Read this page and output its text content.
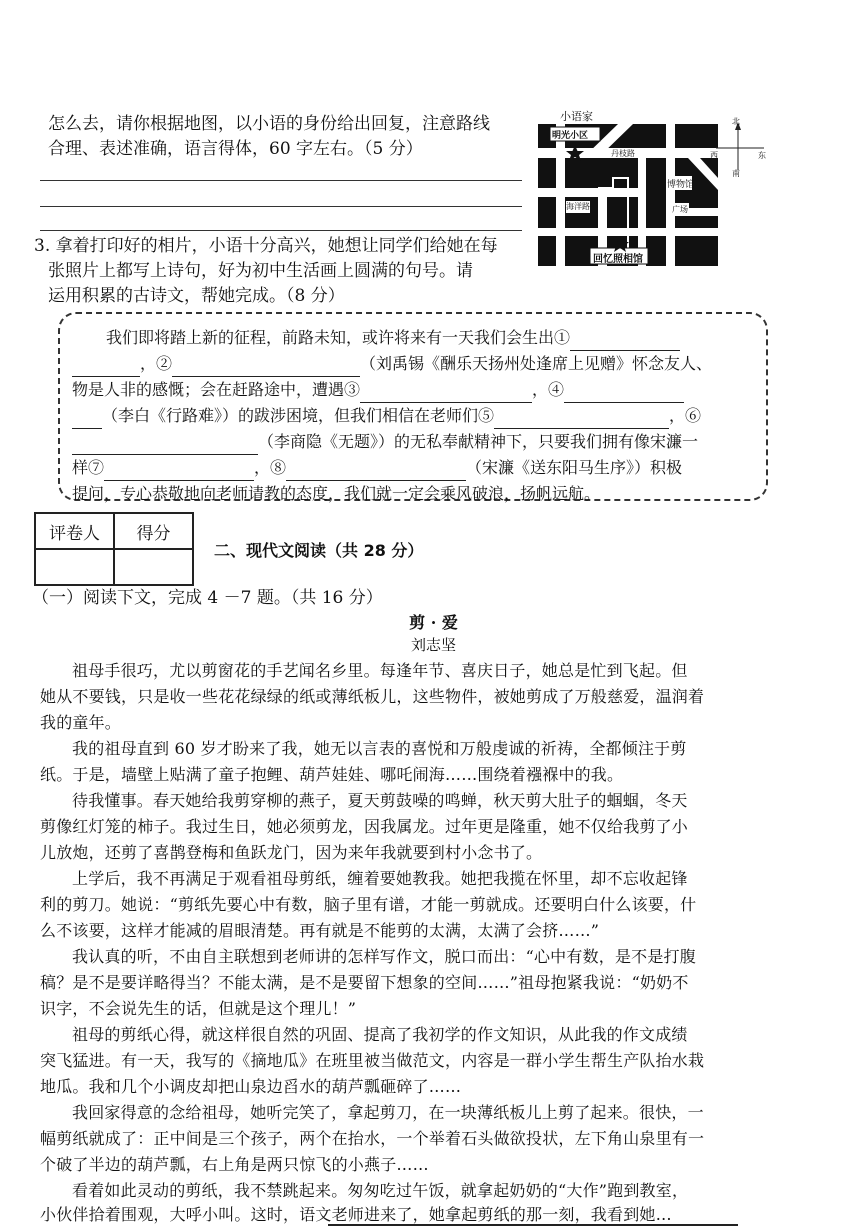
怎么去，请你根据地图，以小语的身份给出回复，注意路线
合理、表述准确，语言得体，60 字左右。（5 分）
小语家
明光小区
丹枝路
海洋路
博物馆
广场
回忆照相馆
北
南
西	东
3. 拿着打印好的相片，小语十分高兴，她想让同学们给她在每
张照片上都写上诗句，好为初中生活画上圆满的句号。请
运用积累的古诗文，帮她完成。（8 分）
我们即将踏上新的征程，前路未知，或许将来有一天我们会生出①
，②	（刘禹锡《酬乐天扬州处逢席上见赠》怀念友人、
物是人非的感慨；会在赶路途中，遭遇③	，④
（李白《行路难》）的跋涉困境，但我们相信在老师们⑤	，⑥
（李商隐《无题》）的无私奉献精神下，只要我们拥有像宋濂一
样⑦	，⑧	（宋濂《送东阳马生序》）积极
提问，专心恭敬地向老师请教的态度，我们就一定会乘风破浪，扬帆远航。
评卷人	得分

二、现代文阅读（共 28 分）
（一）阅读下文，完成 4 －7 题。（共 16 分）
剪 · 爱
刘志坚
祖母手很巧，尤以剪窗花的手艺闻名乡里。每逢年节、喜庆日子，她总是忙到飞起。但
她从不要钱，只是收一些花花绿绿的纸或薄纸板儿，这些物件，被她剪成了万般慈爱，温润着
我的童年。
我的祖母直到 60 岁才盼来了我，她无以言表的喜悦和万般虔诚的祈祷，全都倾注于剪
纸。于是，墙壁上贴满了童子抱鲤、葫芦娃娃、哪吒闹海……围绕着襁褓中的我。
待我懂事。春天她给我剪穿柳的燕子，夏天剪鼓噪的鸣蝉，秋天剪大肚子的蝈蝈，冬天
剪像红灯笼的柿子。我过生日，她必须剪龙，因我属龙。过年更是隆重，她不仅给我剪了小
儿放炮，还剪了喜鹊登梅和鱼跃龙门，因为来年我就要到村小念书了。
上学后，我不再满足于观看祖母剪纸，缠着要她教我。她把我揽在怀里，却不忘收起锋
利的剪刀。她说：“剪纸先要心中有数，脑子里有谱，才能一剪就成。还要明白什么该要，什
么不该要，这样才能减的眉眼清楚。再有就是不能剪的太满，太满了会挤……”
我认真的听，不由自主联想到老师讲的怎样写作文，脱口而出：“心中有数，是不是打腹
稿？是不是要详略得当？不能太满，是不是要留下想象的空间……”祖母抱紧我说：“奶奶不
识字，不会说先生的话，但就是这个理儿！”
祖母的剪纸心得，就这样很自然的巩固、提高了我初学的作文知识，从此我的作文成绩
突飞猛进。有一天，我写的《摘地瓜》在班里被当做范文，内容是一群小学生帮生产队抬水栽
地瓜。我和几个小调皮却把山泉边舀水的葫芦瓢砸碎了……
我回家得意的念给祖母，她听完笑了，拿起剪刀，在一块薄纸板儿上剪了起来。很快，一
幅剪纸就成了：正中间是三个孩子，两个在抬水，一个举着石头做欲投状，左下角山泉里有一
个破了半边的葫芦瓢，右上角是两只惊飞的小燕子……
看着如此灵动的剪纸，我不禁跳起来。匆匆吃过午饭，就拿起奶奶的“大作”跑到教室，
小伙伴拾着围观，大呼小叫。这时，语文老师进来了，她拿起剪纸的那一刻，我看到她…
